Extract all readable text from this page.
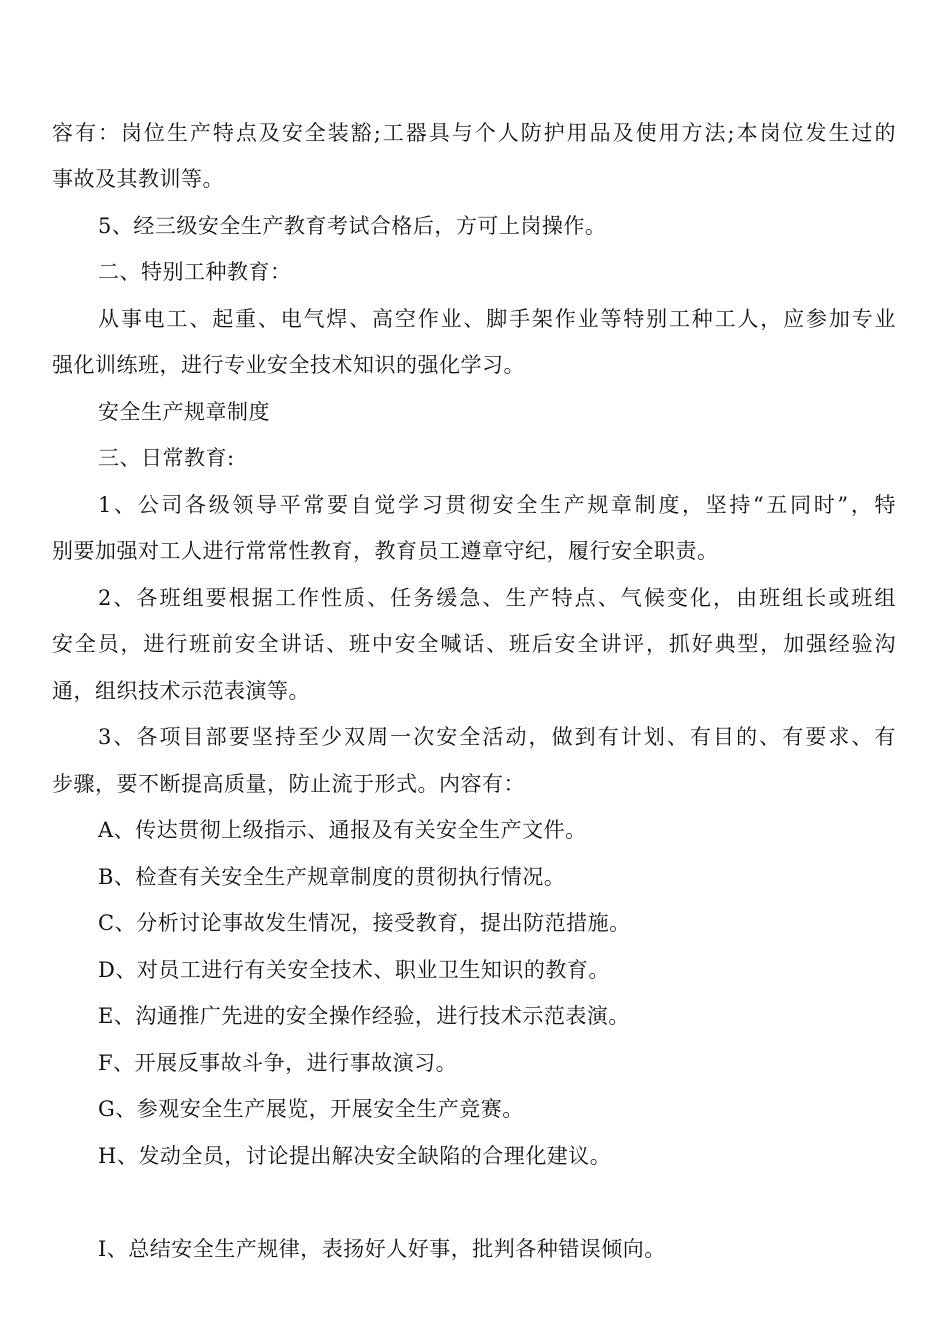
容有：岗位生产特点及安全装豁;工器具与个人防护用品及使用方法;本岗位发生过的
事故及其教训等。
5、经三级安全生产教育考试合格后，方可上岗操作。
二、特别工种教育：
从事电工、起重、电气焊、高空作业、脚手架作业等特别工种工人，应参加专业
强化训练班，进行专业安全技术知识的强化学习。
安全生产规章制度
三、日常教育:
1、公司各级领导平常要自觉学习贯彻安全生产规章制度，坚持“五同时”，特
别要加强对工人进行常常性教育，教育员工遵章守纪，履行安全职责。
2、各班组要根据工作性质、任务缓急、生产特点、气候变化，由班组长或班组
安全员，进行班前安全讲话、班中安全喊话、班后安全讲评，抓好典型，加强经验沟
通，组织技术示范表演等。
3、各项目部要坚持至少双周一次安全活动，做到有计划、有目的、有要求、有
步骤，要不断提高质量，防止流于形式。内容有：
A、传达贯彻上级指示、通报及有关安全生产文件。
B、检查有关安全生产规章制度的贯彻执行情况。
C、分析讨论事故发生情况，接受教育，提出防范措施。
D、对员工进行有关安全技术、职业卫生知识的教育。
E、沟通推广先进的安全操作经验，进行技术示范表演。
F、开展反事故斗争，进行事故演习。
G、参观安全生产展览，开展安全生产竞赛。
H、发动全员，讨论提出解决安全缺陷的合理化建议。
I、总结安全生产规律，表扬好人好事，批判各种错误倾向。
